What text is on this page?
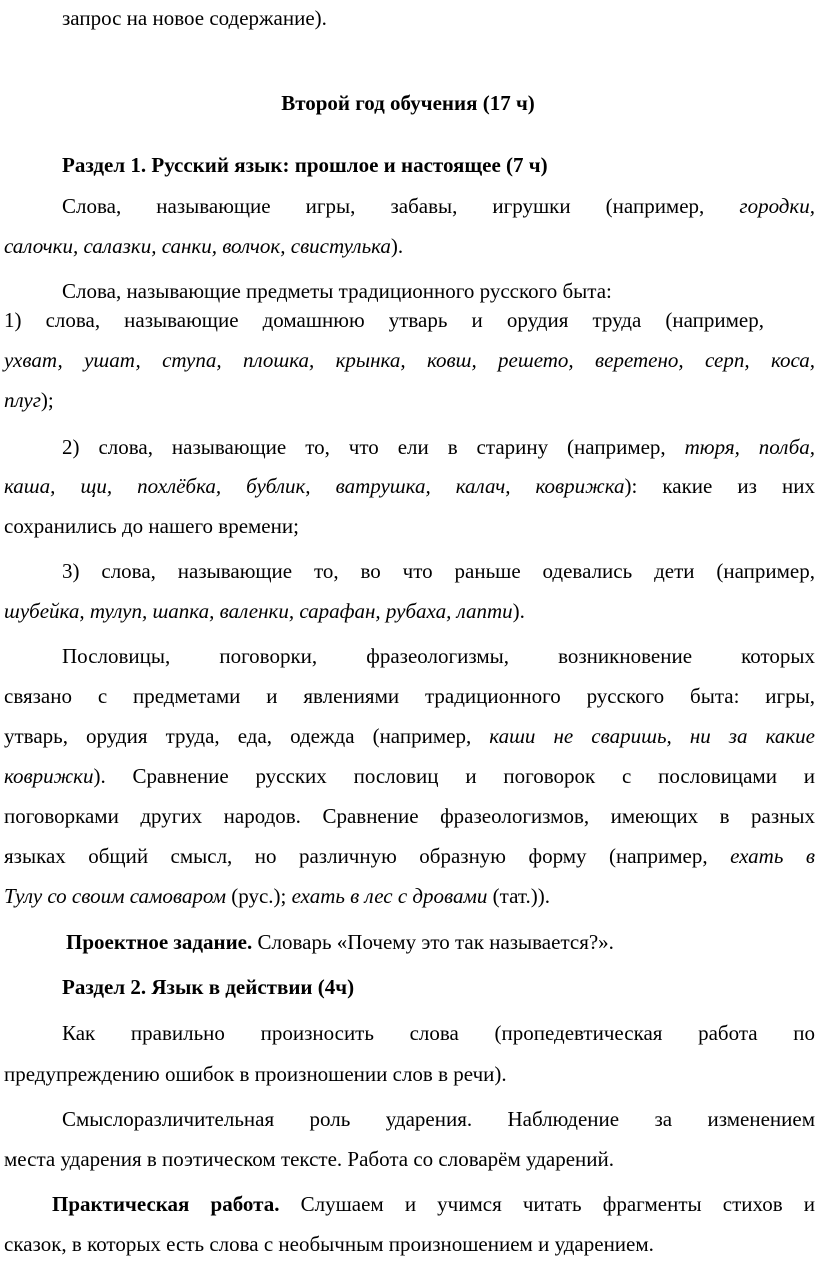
запрос на новое содержание).
Второй год обучения (17 ч)
Раздел 1. Русский язык: прошлое и настоящее (7 ч)
Слова, называющие игры, забавы, игрушки (например, городки,
салочки, салазки, санки, волчок, свистулька).
Слова, называющие предметы традиционного русского быта:
1) слова, называющие домашнюю утварь и орудия труда (например,
ухват, ушат, ступа, плошка, крынка, ковш, решето, веретено, серп, коса,
плуг);
2) слова, называющие то, что ели в старину (например, тюря, полба,
каша, щи, похлёбка, бублик, ватрушка, калач, коврижка): какие из них
сохранились до нашего времени;
3) слова, называющие то, во что раньше одевались дети (например,
шубейка, тулуп, шапка, валенки, сарафан, рубаха, лапти).
Пословицы, поговорки, фразеологизмы, возникновение которых
связано с предметами и явлениями традиционного русского быта: игры,
утварь, орудия труда, еда, одежда (например, каши не сваришь, ни за какие
коврижки). Сравнение русских пословиц и поговорок с пословицами и
поговорками других народов. Сравнение фразеологизмов, имеющих в разных
языках общий смысл, но различную образную форму (например, ехать в
Тулу со своим самоваром (рус.); ехать в лес с дровами (тат.)).
Проектное задание. Словарь «Почему это так называется?».
Раздел 2. Язык в действии (4ч)
Как правильно произносить слова (пропедевтическая работа по
предупреждению ошибок в произношении слов в речи).
Смыслоразличительная роль ударения. Наблюдение за изменением
места ударения в поэтическом тексте. Работа со словарём ударений.
Практическая работа. Слушаем и учимся читать фрагменты стихов и
сказок, в которых есть слова с необычным произношением и ударением.
